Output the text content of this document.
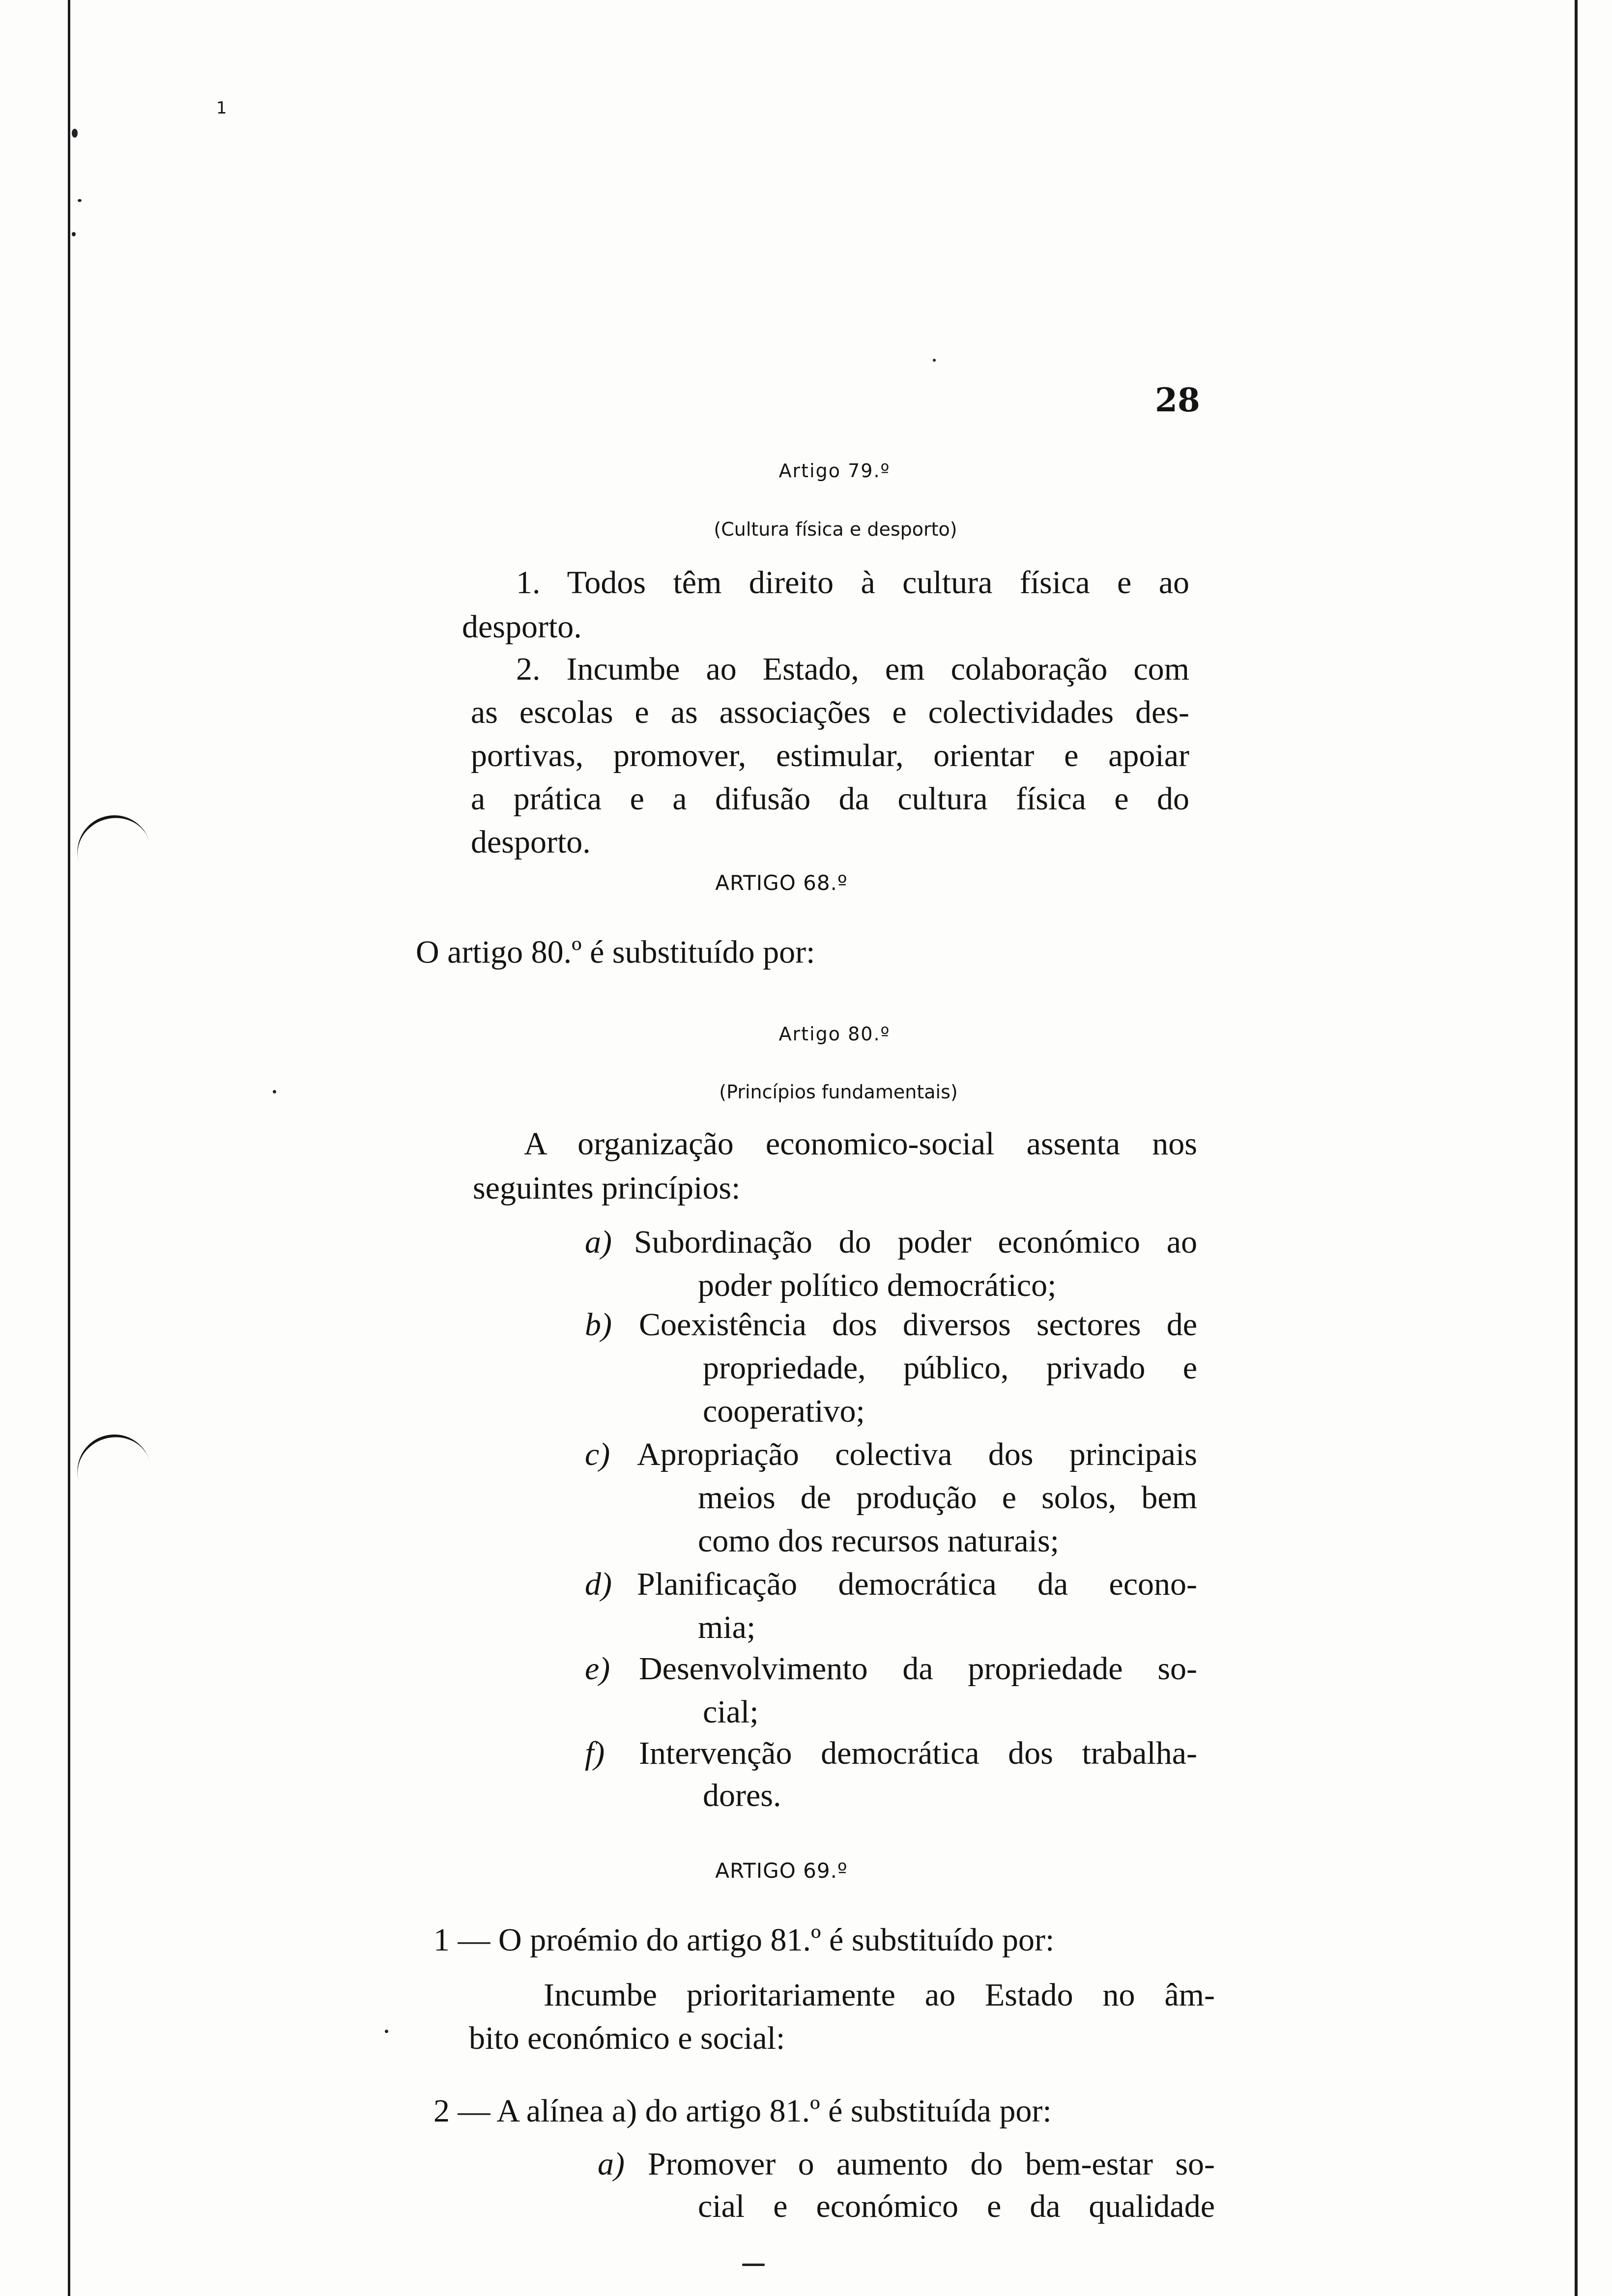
1
28
Artigo 79.º
(Cultura física e desporto)
1. Todos têm direito à cultura física e ao
desporto.
2. Incumbe ao Estado, em colaboração com
as escolas e as associações e colectividades des-
portivas, promover, estimular, orientar e apoiar
a prática e a difusão da cultura física e do
desporto.
ARTIGO 68.º
O artigo 80.º é substituído por:
Artigo 80.º
(Princípios fundamentais)
A organização economico-social assenta nos
seguintes princípios:
a) Subordinação do poder económico ao
poder político democrático;
b) Coexistência dos diversos sectores de
propriedade, público, privado e
cooperativo;
c) Apropriação colectiva dos principais
meios de produção e solos, bem
como dos recursos naturais;
d) Planificação democrática da econo-
mia;
e) Desenvolvimento da propriedade so-
cial;
f) Intervenção democrática dos trabalha-
dores.
ARTIGO 69.º
1 — O proémio do artigo 81.º é substituído por:
Incumbe prioritariamente ao Estado no âm-
bito económico e social:
2 — A alínea a) do artigo 81.º é substituída por:
a) Promover o aumento do bem-estar so-
cial e económico e da qualidade
